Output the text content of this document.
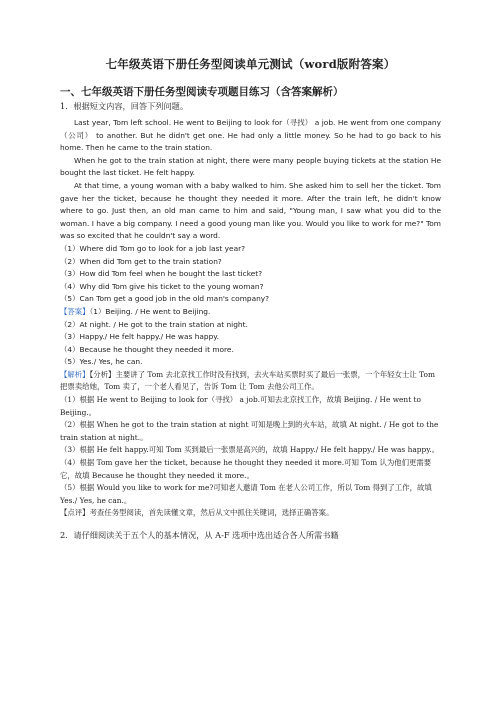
七年级英语下册任务型阅读单元测试（word版附答案）

一、七年级英语下册任务型阅读专项题目练习（含答案解析）

1．根据短文内容，回答下列问题。

Last year, Tom left school. He went to Beijing to look for（寻找） a job. He went from one company（公司） to another. But he didn't get one. He had only a little money. So he had to go back to his home. Then he came to the train station.

When he got to the train station at night, there were many people buying tickets at the station He bought the last ticket. He felt happy.

At that time, a young woman with a baby walked to him. She asked him to sell her the ticket. Tom gave her the ticket, because he thought they needed it more. After the train left, he didn't know where to go. Just then, an old man came to him and said, "Young man, I saw what you did to the woman. I have a big company. I need a good young man like you. Would you like to work for me?" Tom was so excited that he couldn't say a word.

（1）Where did Tom go to look for a job last year?

（2）When did Tom get to the train station?

（3）How did Tom feel when he bought the last ticket?

（4）Why did Tom give his ticket to the young woman?

（5）Can Tom get a good job in the old man's company?

【答案】（1）Beijing. / He went to Beijing.

（2）At night. / He got to the train station at night.

（3）Happy./ He felt happy./ He was happy.

（4）Because he thought they needed it more.

（5）Yes./ Yes, he can.

【解析】【分析】主要讲了 Tom 去北京找工作时没有找到，去火车站买票时买了最后一张票，一个年轻女士让 Tom 把票卖给她，Tom 卖了，一个老人看见了，告诉 Tom 让 Tom 去他公司工作。

（1）根据 He went to Beijing to look for（寻找） a job.可知去北京找工作，故填 Beijing. / He went to Beijing.。

（2）根据 When he got to the train station at night 可知是晚上到的火车站，故填 At night. / He got to the train station at night.。

（3）根据 He felt happy.可知 Tom 买到最后一张票是高兴的，故填 Happy./ He felt happy./ He was happy.。

（4）根据 Tom gave her the ticket, because he thought they needed it more.可知 Tom 认为他们更需要它，故填 Because he thought they needed it more.。

（5）根据 Would you like to work for me?可知老人邀请 Tom 在老人公司工作，所以 Tom 得到了工作，故填 Yes./ Yes, he can.。

【点评】考查任务型阅读，首先读懂文章，然后从文中抓住关键词，选择正确答案。

2．请仔细阅读关于五个人的基本情况，从 A-F 选项中选出适合各人所需书籍
